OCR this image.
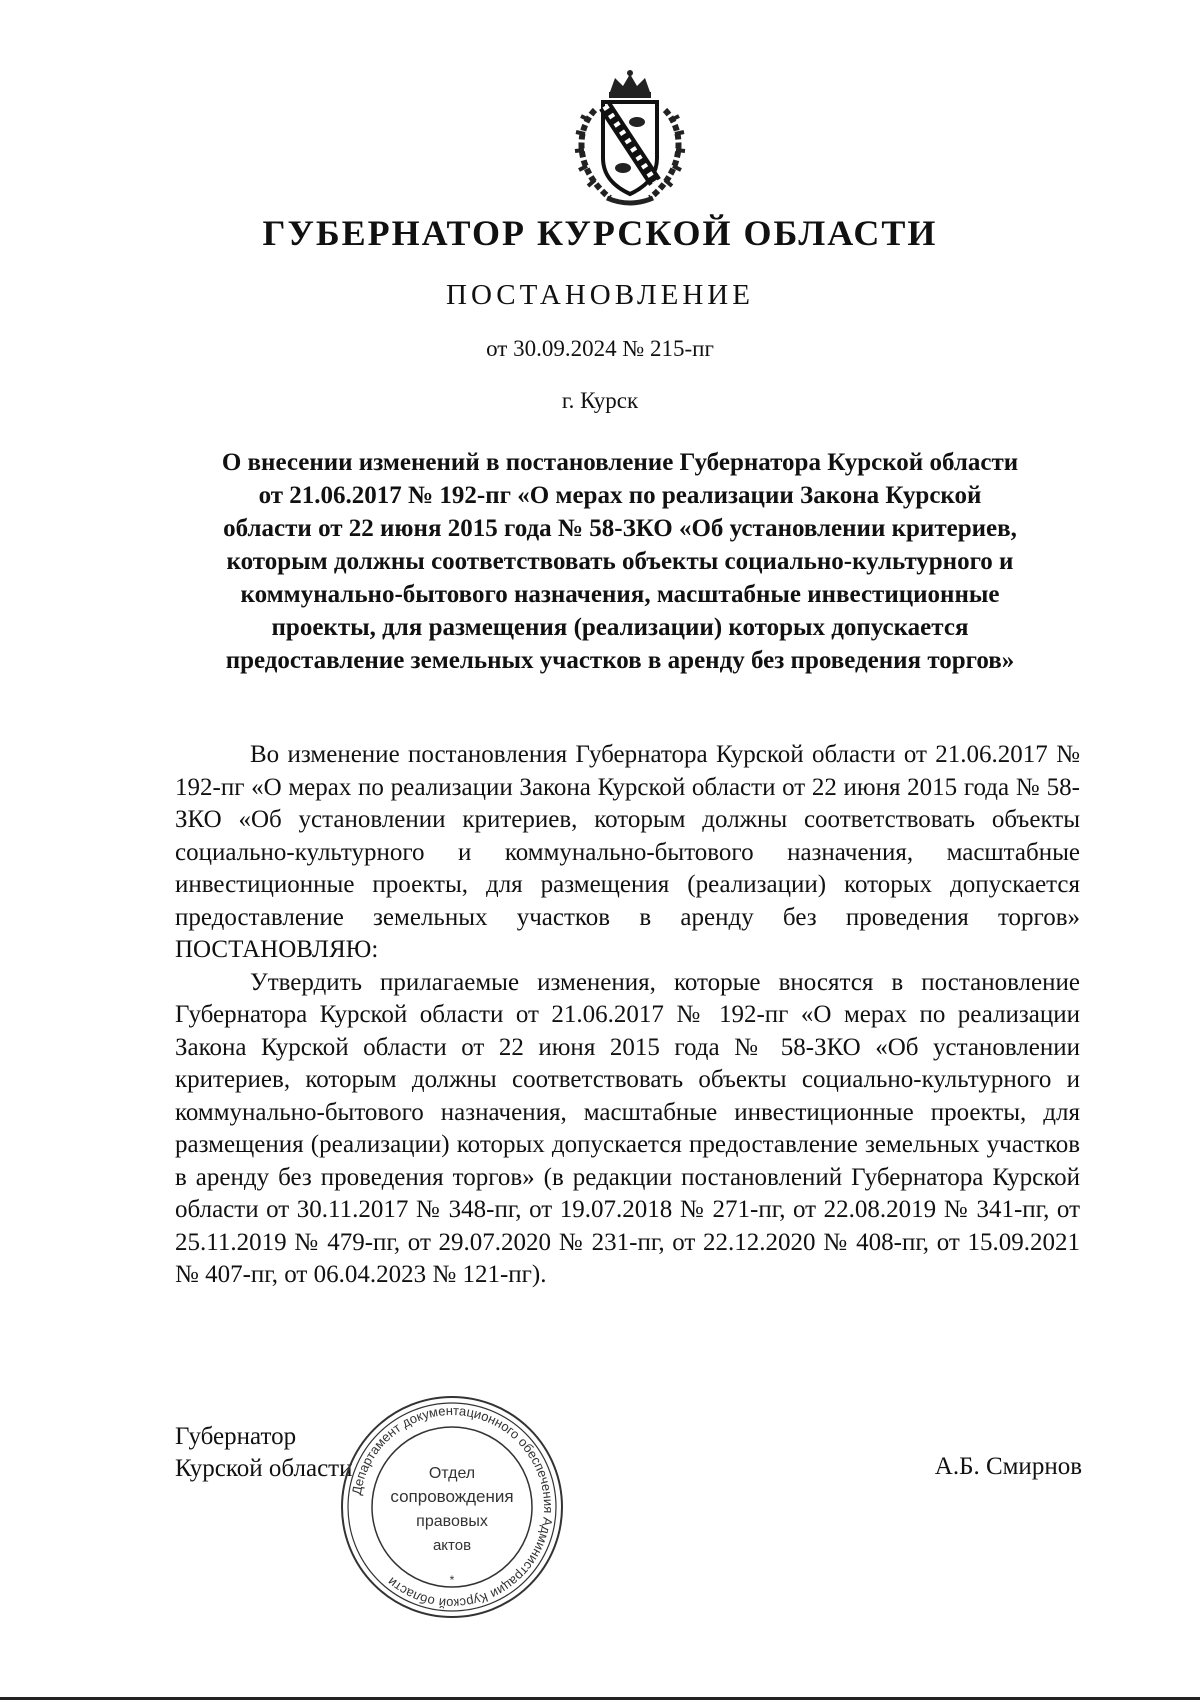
ГУБЕРНАТОР КУРСКОЙ ОБЛАСТИ
ПОСТАНОВЛЕНИЕ
от 30.09.2024 № 215-пг
г. Курск
О внесении изменений в постановление Губернатора Курской области
от 21.06.2017 № 192-пг «О мерах по реализации Закона Курской
области от 22 июня 2015 года № 58-ЗКО «Об установлении критериев,
которым должны соответствовать объекты социально-культурного и
коммунально-бытового назначения, масштабные инвестиционные
проекты, для размещения (реализации) которых допускается
предоставление земельных участков в аренду без проведения торгов»

Во изменение постановления Губернатора Курской области от 21.06.2017 № 192-пг «О мерах по реализации Закона Курской области от 22 июня 2015 года № 58-ЗКО «Об установлении критериев, которым должны соответствовать объекты социально-культурного и коммунально-бытового назначения, масштабные инвестиционные проекты, для размещения (реализации) которых допускается предоставление земельных участков в аренду без проведения торгов» ПОСТАНОВЛЯЮ:

Утвердить прилагаемые изменения, которые вносятся в постановление Губернатора Курской области от 21.06.2017 № 192-пг «О мерах по реализации Закона Курской области от 22 июня 2015 года № 58-ЗКО «Об установлении критериев, которым должны соответствовать объекты социально-культурного и коммунально-бытового назначения, масштабные инвестиционные проекты, для размещения (реализации) которых допускается предоставление земельных участков в аренду без проведения торгов» (в редакции постановлений Губернатора Курской области от 30.11.2017 № 348-пг, от 19.07.2018 № 271-пг, от 22.08.2019 № 341-пг, от 25.11.2019 № 479-пг, от 29.07.2020 № 231-пг, от 22.12.2020 № 408-пг, от 15.09.2021 № 407-пг, от 06.04.2023 № 121-пг).

Губернатор
Курской области
Департамент документационного обеспечения Администрации Курской области	*
Отдел
сопровождения
правовых
актов
А.Б. Смирнов
